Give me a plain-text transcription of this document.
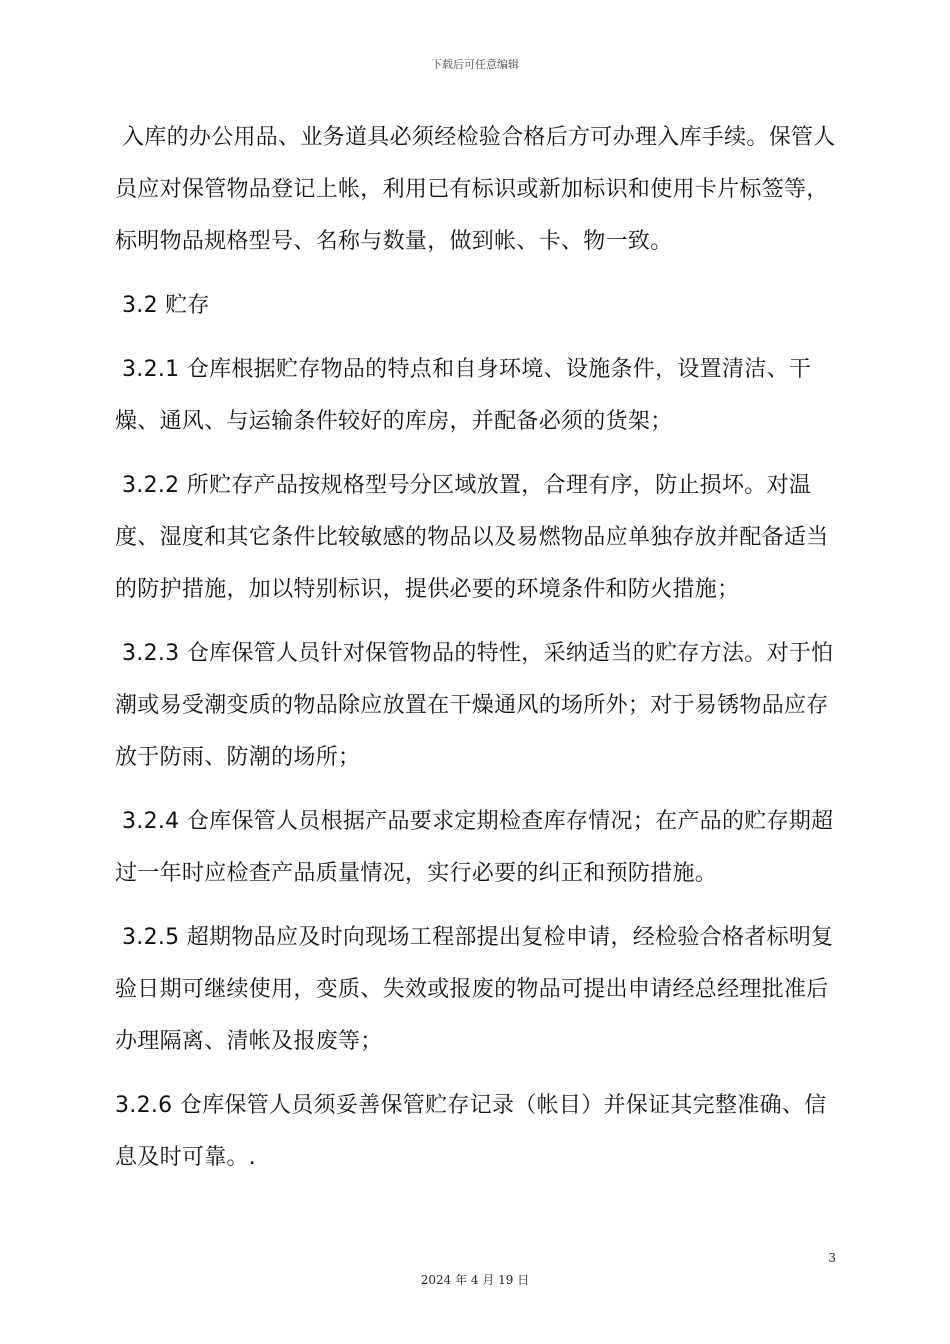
下载后可任意编辑

入库的办公用品、业务道具必须经检验合格后方可办理入库手续。保管人员应对保管物品登记上帐，利用已有标识或新加标识和使用卡片标签等，标明物品规格型号、名称与数量，做到帐、卡、物一致。

3.2 贮存

3.2.1 仓库根据贮存物品的特点和自身环境、设施条件，设置清洁、干燥、通风、与运输条件较好的库房，并配备必须的货架；

3.2.2 所贮存产品按规格型号分区域放置，合理有序，防止损坏。对温度、湿度和其它条件比较敏感的物品以及易燃物品应单独存放并配备适当的防护措施，加以特别标识，提供必要的环境条件和防火措施；

3.2.3 仓库保管人员针对保管物品的特性，采纳适当的贮存方法。对于怕潮或易受潮变质的物品除应放置在干燥通风的场所外；对于易锈物品应存放于防雨、防潮的场所；

3.2.4 仓库保管人员根据产品要求定期检查库存情况；在产品的贮存期超过一年时应检查产品质量情况，实行必要的纠正和预防措施。

3.2.5 超期物品应及时向现场工程部提出复检申请，经检验合格者标明复验日期可继续使用，变质、失效或报废的物品可提出申请经总经理批准后办理隔离、清帐及报废等；

3.2.6 仓库保管人员须妥善保管贮存记录（帐目）并保证其完整准确、信息及时可靠。.

3
2024 年 4 月 19 日
